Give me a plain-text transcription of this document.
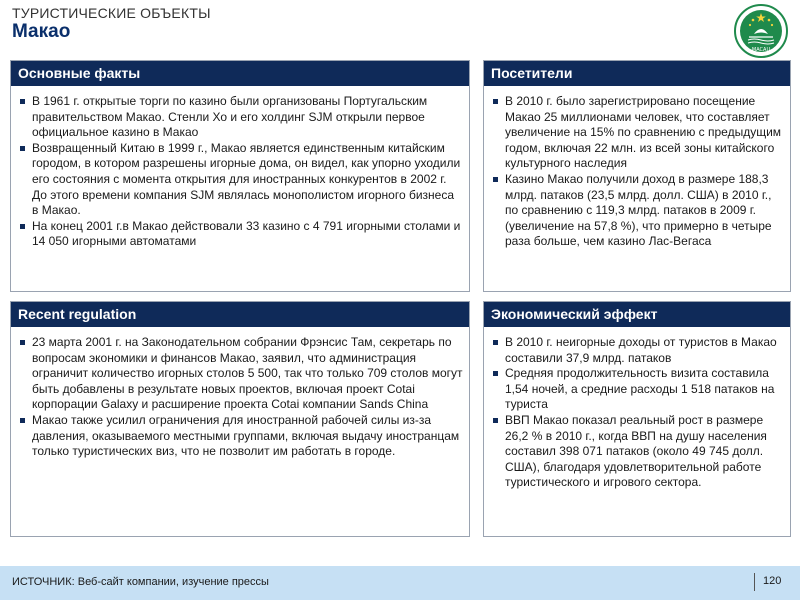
ТУРИСТИЧЕСКИЕ ОБЪЕКТЫ
Макао
MACAU
Основные факты
В 1961 г. открытые торги по казино были организованы Португальским правительством Макао. Стенли Хо и его холдинг SJM открыли первое официальное казино в Макао
Возвращенный Китаю в 1999 г., Макао является единственным китайским городом, в котором разрешены игорные дома, он видел, как упорно уходили его состояния с момента открытия для иностранных конкурентов в 2002 г. До этого времени компания SJM являлась монополистом игорного бизнеса в Макао.
На конец 2001 г.в Макао действовали 33 казино с 4 791 игорными столами и 14 050 игорными автоматами
Посетители
В 2010 г. было зарегистрировано посещение Макао 25 миллионами человек, что составляет увеличение на 15% по сравнению с предыдущим годом, включая 22 млн. из всей зоны китайского культурного наследия
Казино Макао получили доход в размере 188,3 млрд. патаков (23,5 млрд. долл. США) в 2010 г., по сравнению с 119,3 млрд. патаков в 2009 г. (увеличение на 57,8 %), что примерно в четыре раза больше, чем казино Лас-Вегаса
Recent regulation
23 марта 2001 г. на Законодательном собрании Фрэнсис Там, секретарь по вопросам экономики и финансов Макао, заявил, что администрация ограничит количество игорных столов 5 500, так что только 709 столов могут быть добавлены в результате новых проектов, включая проект Cotai корпорации Galaxy и расширение проекта Cotai компании Sands China
Макао также усилил ограничения для иностранной рабочей силы из-за давления, оказываемого местными группами, включая выдачу иностранцам только туристических виз, что не позволит им работать в городе.
Экономический эффект
В 2010 г. неигорные доходы от туристов в Макао составили 37,9 млрд. патаков
Средняя продолжительность визита составила 1,54 ночей, а средние расходы 1 518 патаков на туриста
ВВП Макао показал реальный рост в размере 26,2 % в 2010 г., когда ВВП на душу населения составил 398 071 патаков (около 49 745 долл. США), благодаря удовлетворительной работе туристического и игрового сектора.
ИСТОЧНИК: Веб-сайт компании, изучение прессы	120
